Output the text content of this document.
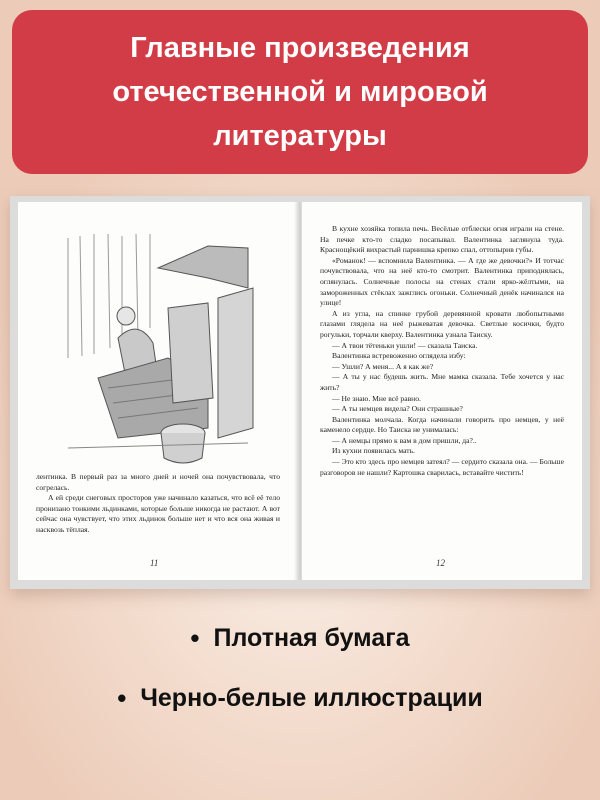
Главные произведения
отечественной и мировой
литературы

лентинка. В первый раз за много дней и ночей она почувствовала, что согрелась.

А ей среди снеговых просторов уже начинало казаться, что всё её тело пронизано тонкими льдинками, которые больше никогда не растают. А вот сейчас она чувствует, что этих льдинок больше нет и что вся она живая и насквозь тёплая.

11

В кухне хозяйка топила печь. Весёлые отблески огня играли на стене. На печке кто-то сладко посапывал. Валентинка заглянула туда. Краснощёкий вихрастый парнишка крепко спал, оттопырив губы.

«Романок! — вспомнила Валентинка. — А где же девочки?» И тотчас почувствовала, что на неё кто-то смотрит. Валентинка приподнялась, оглянулась. Солнечные полосы на стенах стали ярко-жёлтыми, на замороженных стёклах зажглись огоньки. Солнечный денёк начинался на улице!

А из угла, на спинке грубой деревянной кровати любопытными глазами глядела на неё рыжеватая девочка. Светлые косички, будто рогульки, торчали кверху. Валентинка узнала Таиску.

— А твои тётеньки ушли! — сказала Таиска.

Валентинка встревоженно оглядела избу:

— Ушли? А меня... А я как же?

— А ты у нас будешь жить. Мне мамка сказала. Тебе хочется у нас жить?

— Не знаю. Мне всё равно.

— А ты немцев видела? Они страшные?

Валентинка молчала. Когда начинали говорить про немцев, у неё каменело сердце. Но Таиска не унималась:

— А немцы прямо к вам в дом пришли, да?..

Из кухни появилась мать.

— Это кто здесь про немцев затеял? — сердито сказала она. — Больше разговоров не нашли? Картошка сварилась, вставайте чистить!

12
• Плотная бумага
• Черно-белые иллюстрации
